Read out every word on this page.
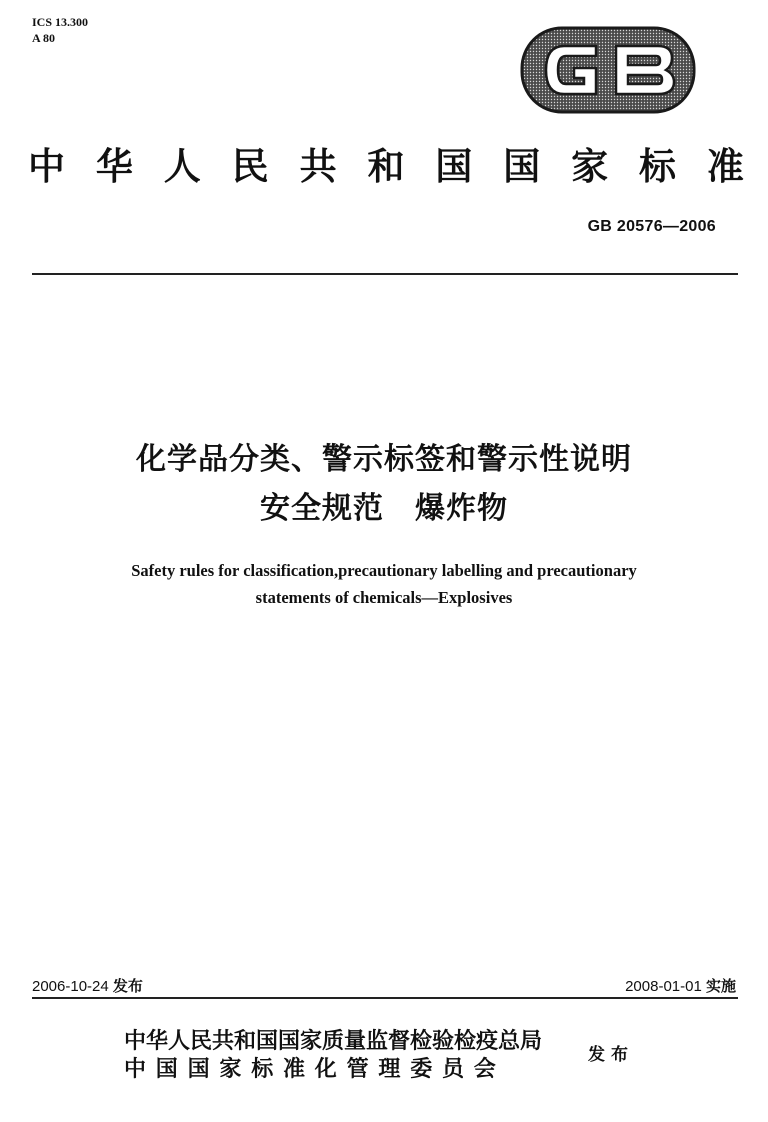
ICS 13.300
A 80
中 华 人 民 共 和 国 国 家 标 准
GB 20576—2006
化学品分类、警示标签和警示性说明
安全规范　爆炸物
Safety rules for classification,precautionary labelling and precautionary
statements of chemicals—Explosives
2006-10-24 发布	2008-01-01 实施
中华人民共和国国家质量监督检验检疫总局
中国国家标准化管理委员会
发布
